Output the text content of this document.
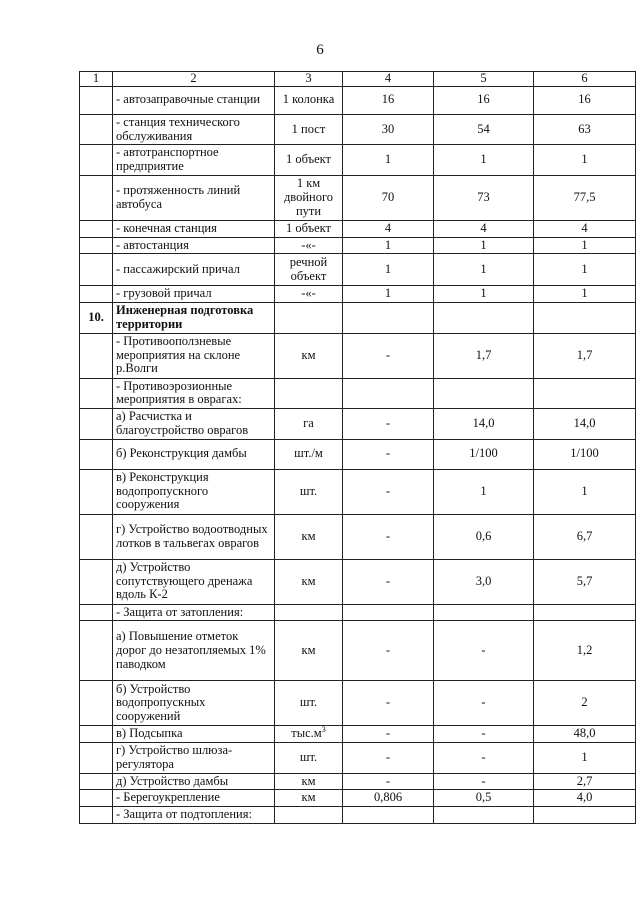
6
1	2	3	4	5	6
	- автозаправочные станции	1 колонка	16	16	16
	- станция технического обслуживания	1 пост	30	54	63
	- автотранспортное предприятие	1 объект	1	1	1
	- протяженность линий автобуса	1 км двойного пути	70	73	77,5
	- конечная станция	1 объект	4	4	4
	- автостанция	-«-	1	1	1
	- пассажирский причал	речной объект	1	1	1
	- грузовой причал	-«-	1	1	1
10.	Инженерная подготовка территории				
	- Противооползневые мероприятия на склоне р.Волги	км	-	1,7	1,7
	- Противоэрозионные мероприятия в оврагах:				
	а) Расчистка и благоустройство оврагов	га	-	14,0	14,0
	б) Реконструкция дамбы	шт./м	-	1/100	1/100
	в) Реконструкция водопропускного сооружения	шт.	-	1	1
	г) Устройство водоотводных лотков в тальвегах оврагов	км	-	0,6	6,7
	д) Устройство сопутствующего дренажа вдоль К-2	км	-	3,0	5,7
	- Защита от затопления:				
	а) Повышение отметок дорог до незатопляемых 1% паводком	км	-	-	1,2
	б) Устройство водопропускных сооружений	шт.	-	-	2
	в) Подсыпка	$тыс.м^3$	-	-	48,0
	г) Устройство шлюза-регулятора	шт.	-	-	1
	д) Устройство дамбы	км	-	-	2,7
	- Берегоукрепление	км	0,806	0,5	4,0
	- Защита от подтопления:				
